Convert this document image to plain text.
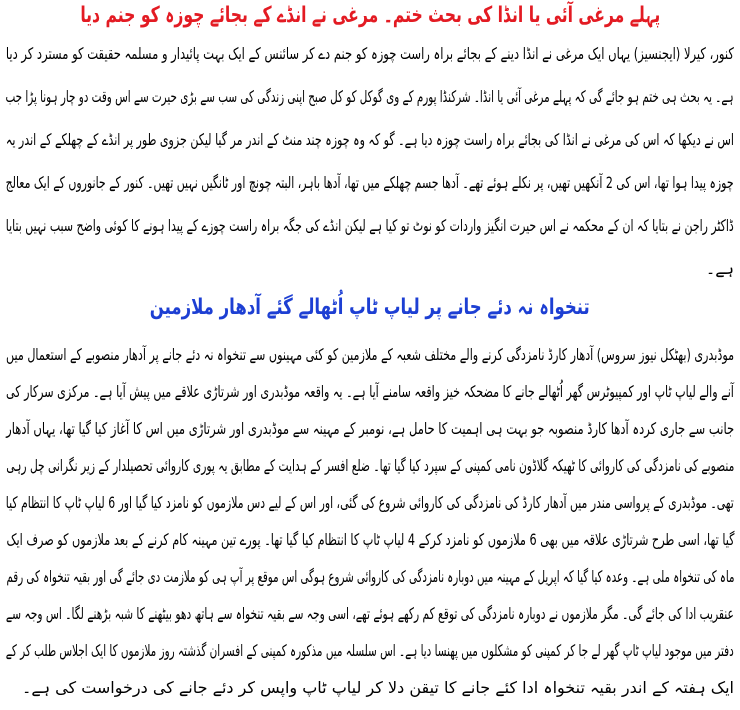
پہلے مرغی آئی یا انڈا کی بحث ختم۔ مرغی نے انڈے کے بجائے چوزہ کو جنم دیا
کنور، کیرلا (ایجنسیز) یہاں ایک مرغی نے انڈا دینے کے بجائے براہ راست چوزہ کو جنم دے کر سائنس کے ایک بہت پائیدار و مسلمہ حقیقت کو مسترد کر دیا
ہے۔ یہ بحث ہی ختم ہو جائے گی کہ پہلے مرغی آئی یا انڈا۔ شرکنڈا پورم کے وی گوکل کو کل صبح اپنی زندگی کی سب سے بڑی حیرت سے اس وقت دو چار ہونا پڑا جب
اس نے دیکھا کہ اس کی مرغی نے انڈا کی بجائے براہ راست چوزہ دیا ہے۔ گو کہ وہ چوزہ چند منٹ کے اندر مر گیا لیکن جزوی طور پر انڈے کے چھلکے کے اندر یہ
چوزہ پیدا ہوا تھا، اس کی 2 آنکھیں تھیں، پر نکلے ہوئے تھے۔ آدھا جسم چھلکے میں تھا، آدھا باہر، البتہ چونچ اور ٹانگیں نہیں تھیں۔ کنور کے جانوروں کے ایک معالج
ڈاکٹر راجن نے بتایا کہ ان کے محکمہ نے اس حیرت انگیز واردات کو نوٹ تو کیا ہے لیکن انڈے کی جگہ براہ راست چوزے کے پیدا ہونے کا کوئی واضح سبب نہیں بتایا
ہے۔
تنخواہ نہ دئے جانے پر لیاپ ٹاپ اُٹھالے گئے آدھار ملازمین
موڈبدری (بھٹکل نیوز سروس) آدھار کارڈ نامزدگی کرنے والے مختلف شعبہ کے ملازمین کو کئی مہینوں سے تنخواہ نہ دئے جانے پر آدھار منصوبے کے استعمال میں
آنے والے لیاپ ٹاپ اور کمپیوٹرس گھر اُٹھالے جانے کا مضحکہ خیز واقعہ سامنے آیا ہے۔ یہ واقعہ موڈبدری اور شرتاڑی علاقے میں پیش آیا ہے۔ مرکزی سرکار کی
جانب سے جاری کردہ آدھا کارڈ منصوبہ جو بہت ہی اہمیت کا حامل ہے، نومبر کے مہینہ سے موڈبدری اور شرتاڑی میں اس کا آغاز کیا گیا تھا، یہاں آدھار
منصوبے کی نامزدگی کی کاروائی کا ٹھیکہ گلاڈون نامی کمپنی کے سپرد کیا گیا تھا۔ ضلع افسر کے ہدایت کے مطابق یہ پوری کاروائی تحصیلدار کے زیر نگرانی چل رہی
تھی۔ موڈبدری کے پرواسی مندر میں آدھار کارڈ کی نامزدگی کی کاروائی شروع کی گئی، اور اس کے لیے دس ملازموں کو نامزد کیا گیا اور 6 لیاپ ٹاپ کا انتظام کیا
گیا تھا، اسی طرح شرتاڑی علاقہ میں بھی 6 ملازموں کو نامزد کرکے 4 لیاپ ٹاپ کا انتظام کیا گیا تھا۔ پورے تین مہینہ کام کرنے کے بعد ملازموں کو صرف ایک
ماہ کی تنخواہ ملی ہے۔ وعدہ کیا گیا کہ اپریل کے مہینہ میں دوبارہ نامزدگی کی کاروائی شروع ہوگی اس موقع پر آپ ہی کو ملازمت دی جائے گی اور بقیہ تنخواہ کی رقم
عنقریب ادا کی جائے گی۔ مگر ملازموں نے دوبارہ نامزدگی کی توقع کم رکھے ہوئے تھے، اسی وجہ سے بقیہ تنخواہ سے ہاتھ دھو بیٹھنے کا شبہ بڑھنے لگا۔ اس وجہ سے
دفتر میں موجود لیاپ ٹاپ گھر لے جا کر کمپنی کو مشکلوں میں پھنسا دیا ہے۔ اس سلسلہ میں مذکورہ کمپنی کے افسران گذشتہ روز ملازموں کا ایک اجلاس طلب کر کے
ایک ہفتہ کے اندر بقیہ تنخواہ ادا کئے جانے کا تیقن دلا کر لیاپ ٹاپ واپس کر دئے جانے کی درخواست کی ہے۔
